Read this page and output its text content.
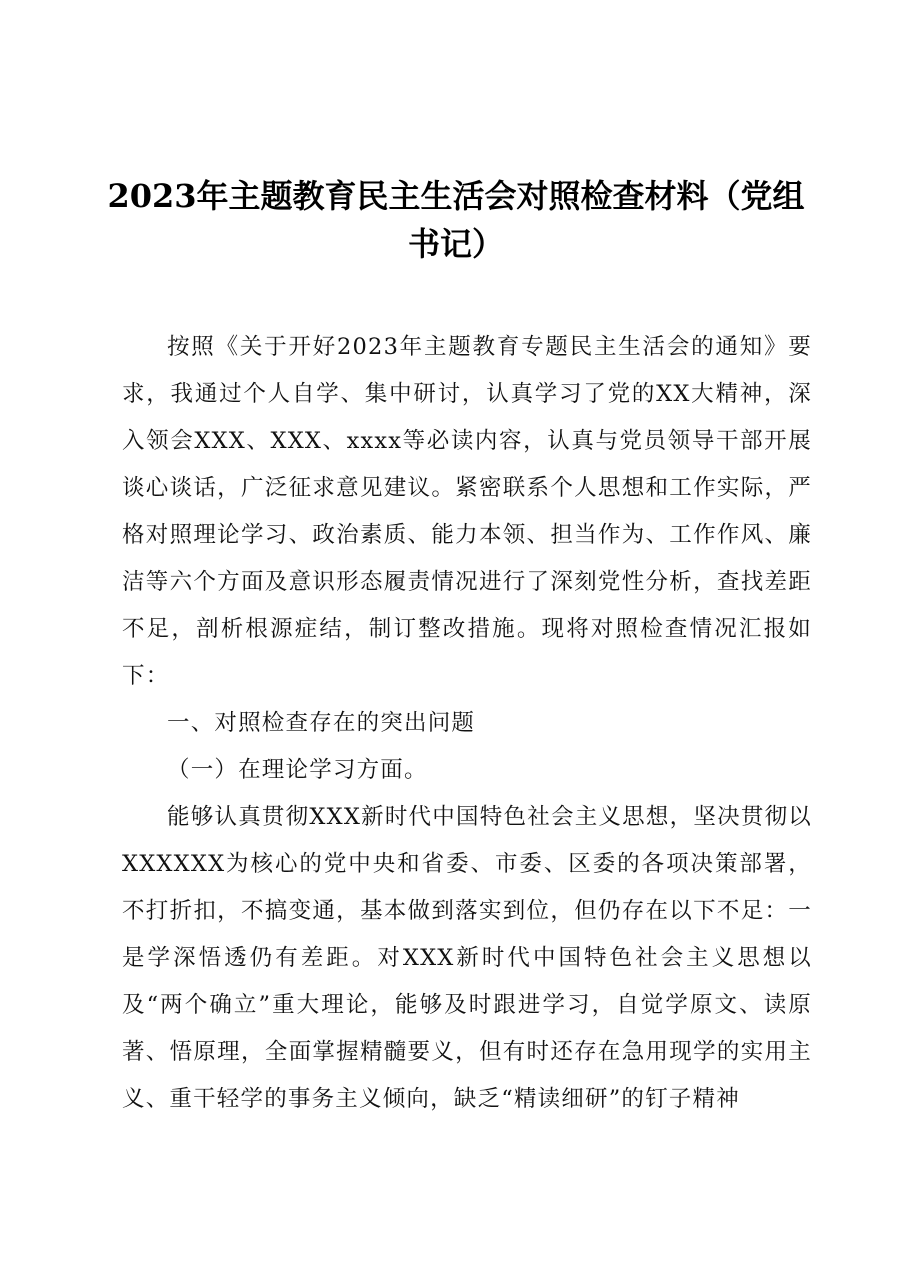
2023年主题教育民主生活会对照检查材料（党组书记）

按照《关于开好2023年主题教育专题民主生活会的通知》要求，我通过个人自学、集中研讨，认真学习了党的XX大精神，深入领会XXX、XXX、xxxx等必读内容，认真与党员领导干部开展谈心谈话，广泛征求意见建议。紧密联系个人思想和工作实际，严格对照理论学习、政治素质、能力本领、担当作为、工作作风、廉洁等六个方面及意识形态履责情况进行了深刻党性分析，查找差距不足，剖析根源症结，制订整改措施。现将对照检查情况汇报如下：

一、对照检查存在的突出问题

（一）在理论学习方面。

能够认真贯彻XXX新时代中国特色社会主义思想，坚决贯彻以XXXXXX为核心的党中央和省委、市委、区委的各项决策部署，不打折扣，不搞变通，基本做到落实到位，但仍存在以下不足：一是学深悟透仍有差距。对XXX新时代中国特色社会主义思想以及“两个确立”重大理论，能够及时跟进学习，自觉学原文、读原著、悟原理，全面掌握精髓要义，但有时还存在急用现学的实用主义、重干轻学的事务主义倾向，缺乏“精读细研”的钉子精神
